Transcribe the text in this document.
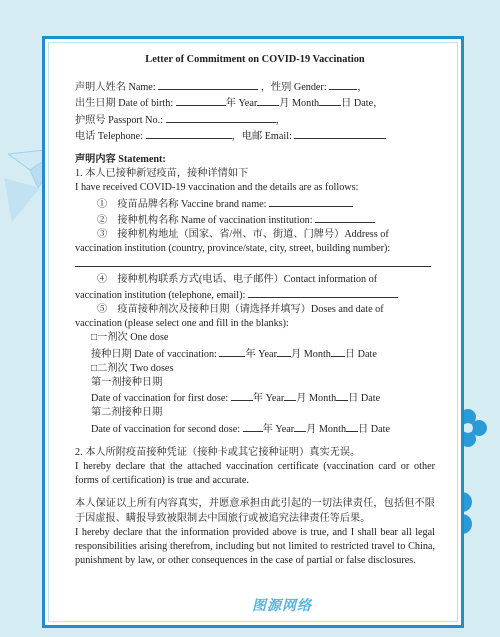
Letter of Commitment on COVID-19 Vaccination
声明人姓名 Name:	，性别 Gender:	，
出生日期 Date of birth:	年 Year 月 Month 日 Date，
护照号 Passport No.:	，
电话 Telephone:	，电邮 Email:
声明内容 Statement:
1. 本人已接种新冠疫苗，接种详情如下
I have received COVID-19 vaccination and the details are as follows:
①　疫苗品牌名称 Vaccine brand name:
②　接种机构名称 Name of vaccination institution:
③　接种机构地址（国家、省/州、市、街道、门牌号）Address of
vaccination institution (country, province/state, city, street, building number):
④　接种机构联系方式(电话、电子邮件）Contact information of
vaccination institution (telephone, email):
⑤　疫苗接种剂次及接种日期（请选择并填写）Doses and date of
vaccination (please select one and fill in the blanks):
□一剂次 One dose
接种日期 Date of vaccination:	年 Year 月 Month 日 Date
□二剂次 Two doses
第一剂接种日期
Date of vaccination for first dose: 年 Year 月 Month 日 Date
第二剂接种日期
Date of vaccination for second dose: 年 Year 月 Month 日 Date
2. 本人所附疫苗接种凭证（接种卡或其它接种证明）真实无误。
I hereby declare that the attached vaccination certificate (vaccination card or other forms of certification) is true and accurate.
本人保证以上所有内容真实，并愿意承担由此引起的一切法律责任，包括但不限于因虚报、瞒报导致被限制去中国旅行或被追究法律责任等后果。
I hereby declare that the information provided above is true, and I shall bear all legal responsibilities arising therefrom, including but not limited to restricted travel to China, punishment by law, or other consequences in the case of partial or false disclosures.
图源网络
